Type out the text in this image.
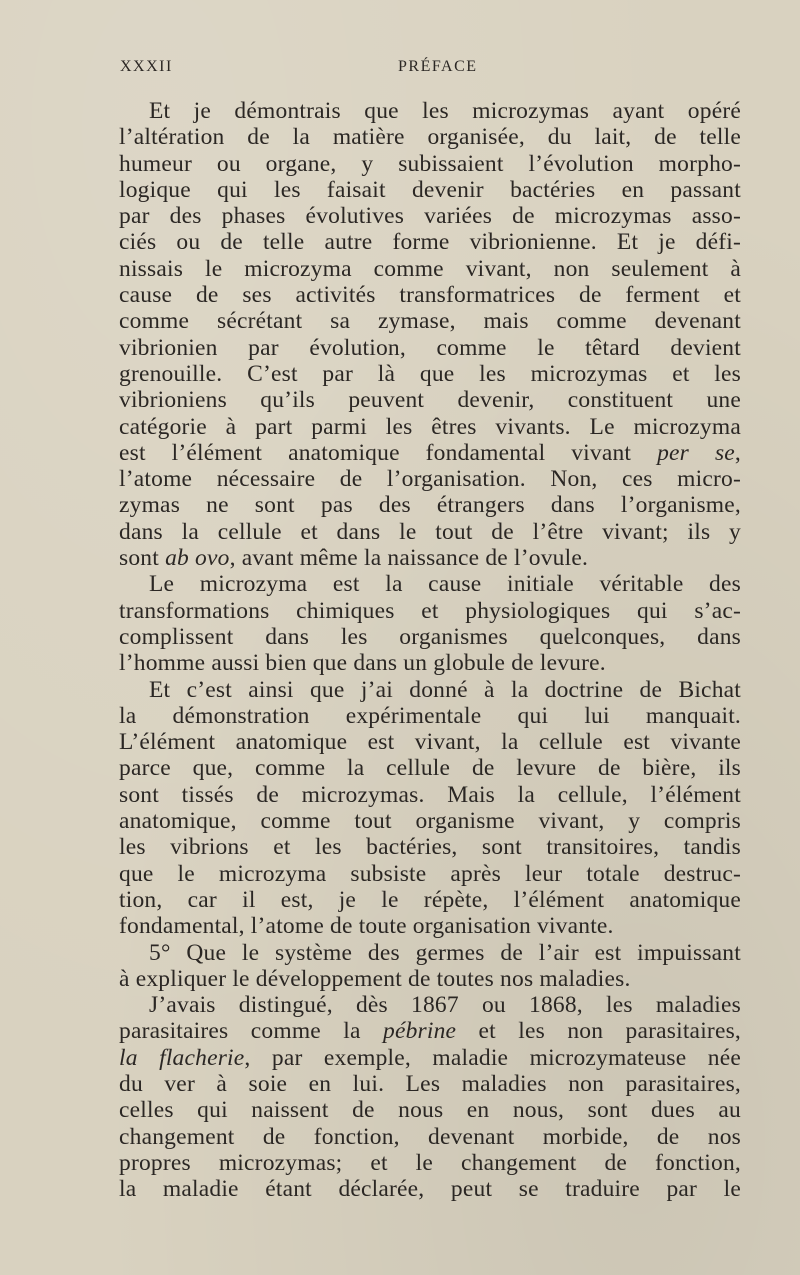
XXXII	PRÉFACE
Et je démontrais que les microzymas ayant opéré
l’altération de la matière organisée, du lait, de telle
humeur ou organe, y subissaient l’évolution morpho-
logique qui les faisait devenir bactéries en passant
par des phases évolutives variées de microzymas asso-
ciés ou de telle autre forme vibrionienne. Et je défi-
nissais le microzyma comme vivant, non seulement à
cause de ses activités transformatrices de ferment et
comme sécrétant sa zymase, mais comme devenant
vibrionien par évolution, comme le têtard devient
grenouille. C’est par là que les microzymas et les
vibrioniens qu’ils peuvent devenir, constituent une
catégorie à part parmi les êtres vivants. Le microzyma
est l’élément anatomique fondamental vivant per se,
l’atome nécessaire de l’organisation. Non, ces micro-
zymas ne sont pas des étrangers dans l’organisme,
dans la cellule et dans le tout de l’être vivant; ils y
sont ab ovo, avant même la naissance de l’ovule.
Le microzyma est la cause initiale véritable des
transformations chimiques et physiologiques qui s’ac-
complissent dans les organismes quelconques, dans
l’homme aussi bien que dans un globule de levure.
Et c’est ainsi que j’ai donné à la doctrine de Bichat
la démonstration expérimentale qui lui manquait.
L’élément anatomique est vivant, la cellule est vivante
parce que, comme la cellule de levure de bière, ils
sont tissés de microzymas. Mais la cellule, l’élément
anatomique, comme tout organisme vivant, y compris
les vibrions et les bactéries, sont transitoires, tandis
que le microzyma subsiste après leur totale destruc-
tion, car il est, je le répète, l’élément anatomique
fondamental, l’atome de toute organisation vivante.
5° Que le système des germes de l’air est impuissant
à expliquer le développement de toutes nos maladies.
J’avais distingué, dès 1867 ou 1868, les maladies
parasitaires comme la pébrine et les non parasitaires,
la flacherie, par exemple, maladie microzymateuse née
du ver à soie en lui. Les maladies non parasitaires,
celles qui naissent de nous en nous, sont dues au
changement de fonction, devenant morbide, de nos
propres microzymas; et le changement de fonction,
la maladie étant déclarée, peut se traduire par le
